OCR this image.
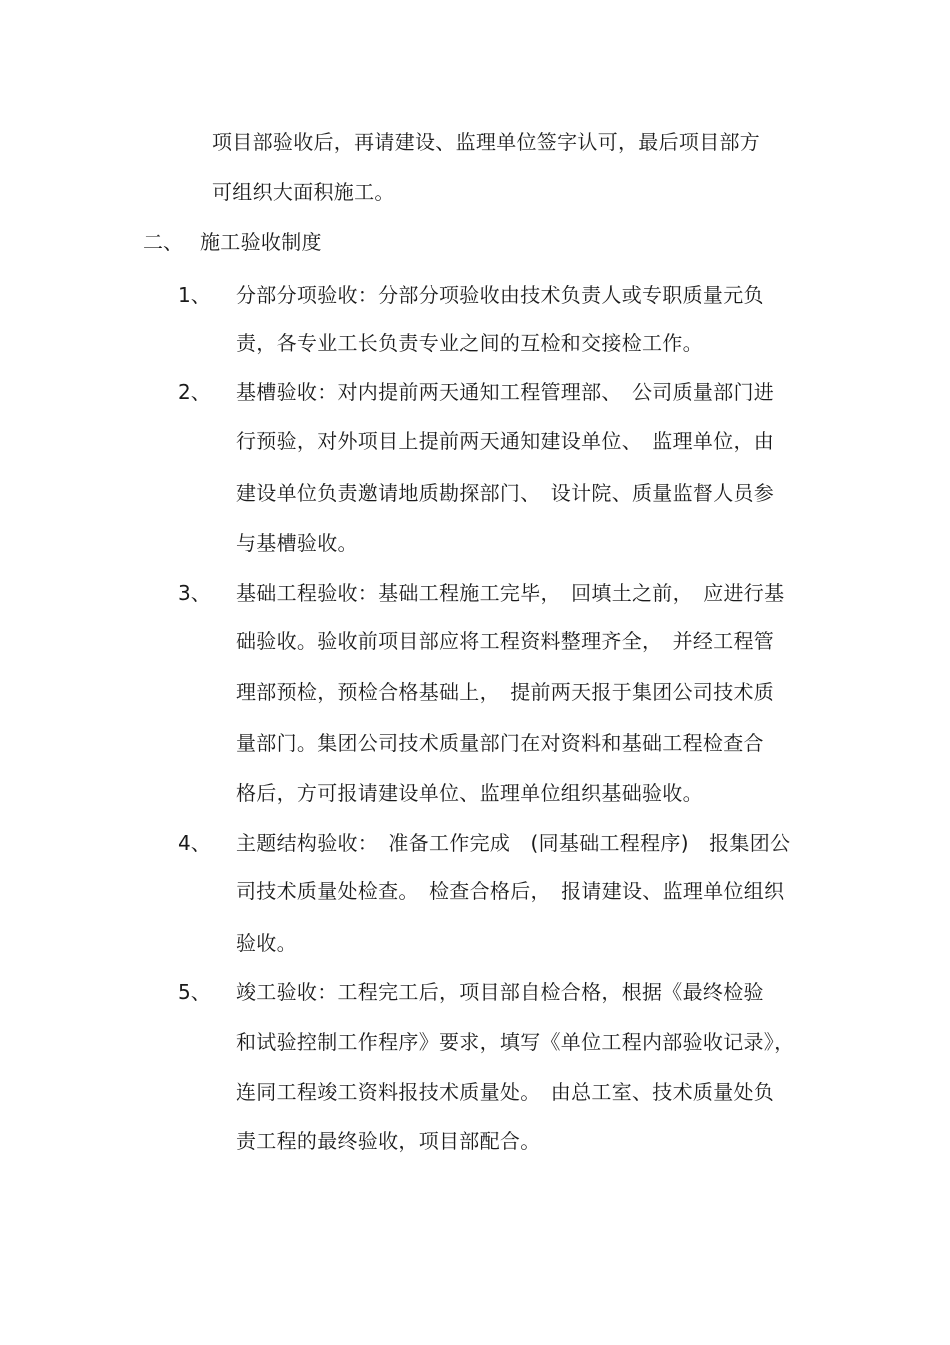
项目部验收后，再请建设、监理单位签字认可，最后项目部方
可组织大面积施工。
二、 施工验收制度
1、 分部分项验收：分部分项验收由技术负责人或专职质量元负
责，各专业工长负责专业之间的互检和交接检工作。
2、 基槽验收：对内提前两天通知工程管理部、　公司质量部门进
行预验，对外项目上提前两天通知建设单位、　监理单位，由
建设单位负责邀请地质勘探部门、　设计院、质量监督人员参
与基槽验收。
3、 基础工程验收：基础工程施工完毕，　回填土之前，　应进行基
础验收。验收前项目部应将工程资料整理齐全，　并经工程管
理部预检，预检合格基础上，　提前两天报于集团公司技术质
量部门。集团公司技术质量部门在对资料和基础工程检查合
格后，方可报请建设单位、监理单位组织基础验收。
4、 主题结构验收：　准备工作完成　(同基础工程程序)　报集团公
司技术质量处检查。　检查合格后，　报请建设、监理单位组织
验收。
5、 竣工验收：工程完工后，项目部自检合格，根据《最终检验
和试验控制工作程序》要求，填写《单位工程内部验收记录》，
连同工程竣工资料报技术质量处。　由总工室、技术质量处负
责工程的最终验收，项目部配合。
